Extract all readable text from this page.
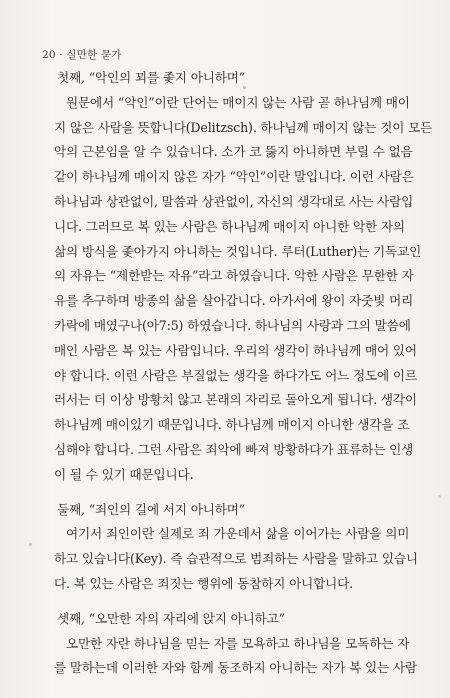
20 · 실만한 묻가
첫째, “악인의 꾀를 좇지 아니하며”
원문에서 “악인”이란 단어는 매이지 않는 사람 곧 하나님께 매이
지 않은 사람을 뜻합니다(Delitzsch). 하나님께 매이지 않는 것이 모든
악의 근본임을 알 수 있습니다. 소가 코 뚫지 아니하면 부릴 수 없음
같이 하나님께 매이지 않은 자가 “악인”이란 말입니다. 이런 사람은
하나님과 상관없이, 말씀과 상관없이, 자신의 생각대로 사는 사람입
니다. 그러므로 복 있는 사람은 하나님께 매이지 아니한 악한 자의
삶의 방식을 좇아가지 아니하는 것입니다. 루터(Luther)는 기독교인
의 자유는 “제한받는 자유”라고 하였습니다. 악한 사람은 무한한 자
유를 추구하며 방종의 삶을 살아갑니다. 아가서에 왕이 자줏빛 머리
카락에 매였구나(아7:5) 하였습니다. 하나님의 사랑과 그의 말씀에
매인 사람은 복 있는 사람입니다. 우리의 생각이 하나님께 매어 있어
야 합니다. 이런 사람은 부질없는 생각을 하다가도 어느 정도에 이르
러서는 더 이상 방황치 않고 본래의 자리로 돌아오게 됩니다. 생각이
하나님께 매이있기 때문입니다. 하나님께 매이지 아니한 생각을 조
심해야 합니다. 그런 사람은 죄악에 빠져 방황하다가 표류하는 인생
이 될 수 있기 때문입니다.
둘째, “죄인의 길에 서지 아니하며”
여기서 죄인이란 실제로 죄 가운데서 삶을 이어가는 사람을 의미
하고 있습니다(Key). 즉 습관적으로 범죄하는 사람을 말하고 있습니
다. 복 있는 사람은 죄짓는 행위에 동참하지 아니합니다.
셋째, “오만한 자의 자리에 앉지 아니하고”
오만한 자란 하나님을 믿는 자를 모욕하고 하나님을 모독하는 자
를 말하는데 이러한 자와 함께 동조하지 아니하는 자가 복 있는 사람
